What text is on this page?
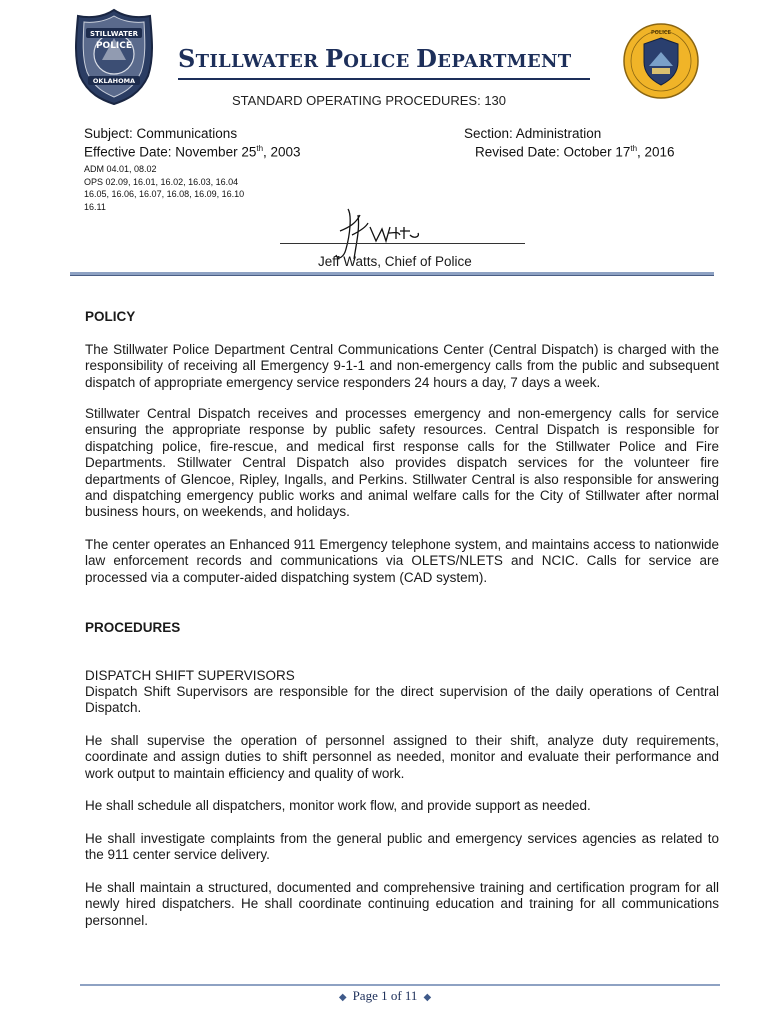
STILLWATER
POLICE
OKLAHOMA
POLICE
STILLWATER POLICE DEPARTMENT
STANDARD OPERATING PROCEDURES: 130
Subject: Communications
Effective Date: November 25th, 2003
Section: Administration
Revised Date: October 17th, 2016
ADM 04.01, 08.02
OPS 02.09, 16.01, 16.02, 16.03, 16.04
16.05, 16.06, 16.07, 16.08, 16.09, 16.10
16.11
Jeff Watts, Chief of Police
POLICY
The Stillwater Police Department Central Communications Center (Central Dispatch) is charged with the responsibility of receiving all Emergency 9-1-1 and non-emergency calls from the public and subsequent dispatch of appropriate emergency service responders 24 hours a day, 7 days a week.
Stillwater Central Dispatch receives and processes emergency and non-emergency calls for service ensuring the appropriate response by public safety resources. Central Dispatch is responsible for dispatching police, fire-rescue, and medical first response calls for the Stillwater Police and Fire Departments. Stillwater Central Dispatch also provides dispatch services for the volunteer fire departments of Glencoe, Ripley, Ingalls, and Perkins. Stillwater Central is also responsible for answering and dispatching emergency public works and animal welfare calls for the City of Stillwater after normal business hours, on weekends, and holidays.
The center operates an Enhanced 911 Emergency telephone system, and maintains access to nationwide law enforcement records and communications via OLETS/NLETS and NCIC. Calls for service are processed via a computer-aided dispatching system (CAD system).
PROCEDURES
DISPATCH SHIFT SUPERVISORS
Dispatch Shift Supervisors are responsible for the direct supervision of the daily operations of Central Dispatch.
He shall supervise the operation of personnel assigned to their shift, analyze duty requirements, coordinate and assign duties to shift personnel as needed, monitor and evaluate their performance and work output to maintain efficiency and quality of work.
He shall schedule all dispatchers, monitor work flow, and provide support as needed.
He shall investigate complaints from the general public and emergency services agencies as related to the 911 center service delivery.
He shall maintain a structured, documented and comprehensive training and certification program for all newly hired dispatchers. He shall coordinate continuing education and training for all communications personnel.
◆ Page 1 of 11 ◆
